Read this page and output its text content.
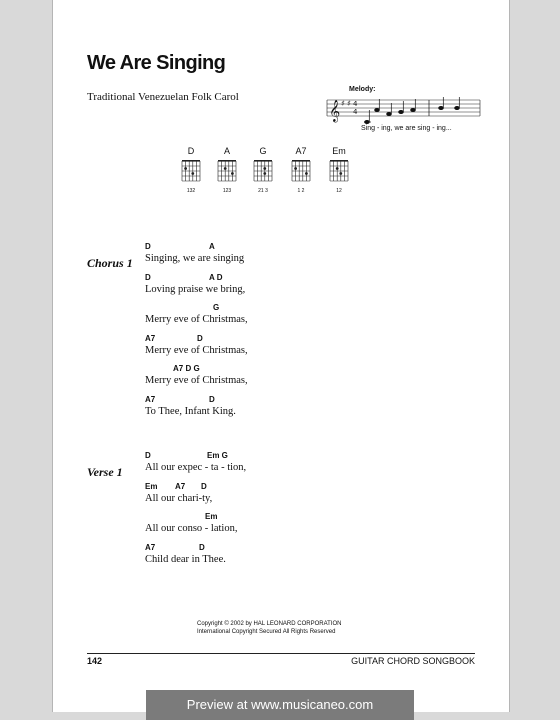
We Are Singing
Traditional Venezuelan Folk Carol
Melody:
𝄞 ♯ ♯ 4
4
Sing - ing, we are sing - ing...
D
132
A
123
G
21 3
A7
1 2
Em
12
Chorus 1
D	A
Singing, we are singing
D	A D
Loving praise we bring,
G
Merry eve of Christmas,
A7	D
Merry eve of Christmas,
A7 D G
Merry eve of Christmas,
A7	D
To Thee, Infant King.
Verse 1
D	Em G
All our expec - ta - tion,
Em A7 D
All our chari-ty,
Em
All our conso - lation,
A7	D
Child dear in Thee.
Copyright © 2002 by HAL LEONARD CORPORATION
International Copyright Secured All Rights Reserved
142	GUITAR CHORD SONGBOOK
Preview at www.musicaneo.com
